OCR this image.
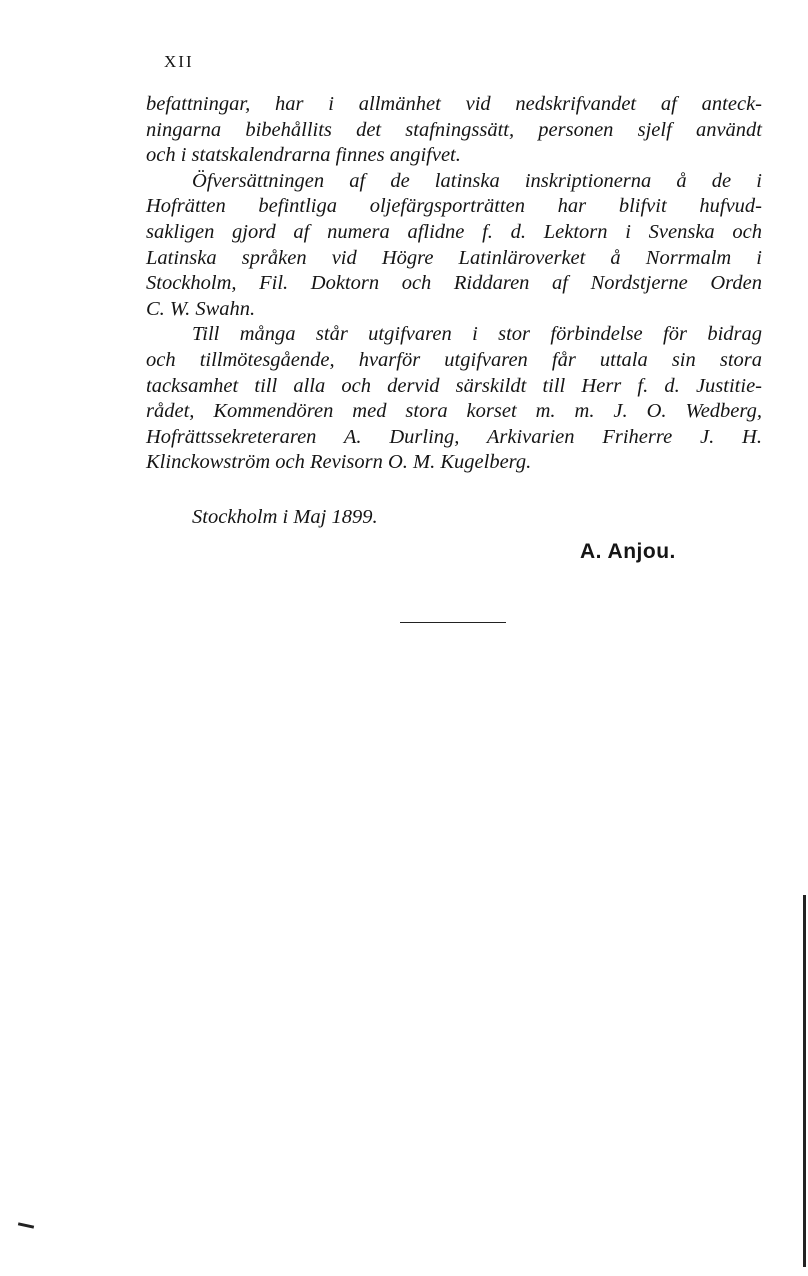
XII
befattningar, har i allmänhet vid nedskrifvandet af anteck-
ningarna bibehållits det stafningssätt, personen sjelf användt
och i statskalendrarna finnes angifvet.
Öfversättningen af de latinska inskriptionerna å de i
Hofrätten befintliga oljefärgsporträtten har blifvit hufvud-
sakligen gjord af numera aflidne f. d. Lektorn i Svenska och
Latinska språken vid Högre Latinläroverket å Norrmalm i
Stockholm, Fil. Doktorn och Riddaren af Nordstjerne Orden
C. W. Swahn.
Till många står utgifvaren i stor förbindelse för bidrag
och tillmötesgående, hvarför utgifvaren får uttala sin stora
tacksamhet till alla och dervid särskildt till Herr f. d. Justitie-
rådet, Kommendören med stora korset m. m. J. O. Wedberg,
Hofrättssekreteraren A. Durling, Arkivarien Friherre J. H.
Klinckowström och Revisorn O. M. Kugelberg.
Stockholm i Maj 1899.
A. Anjou.
